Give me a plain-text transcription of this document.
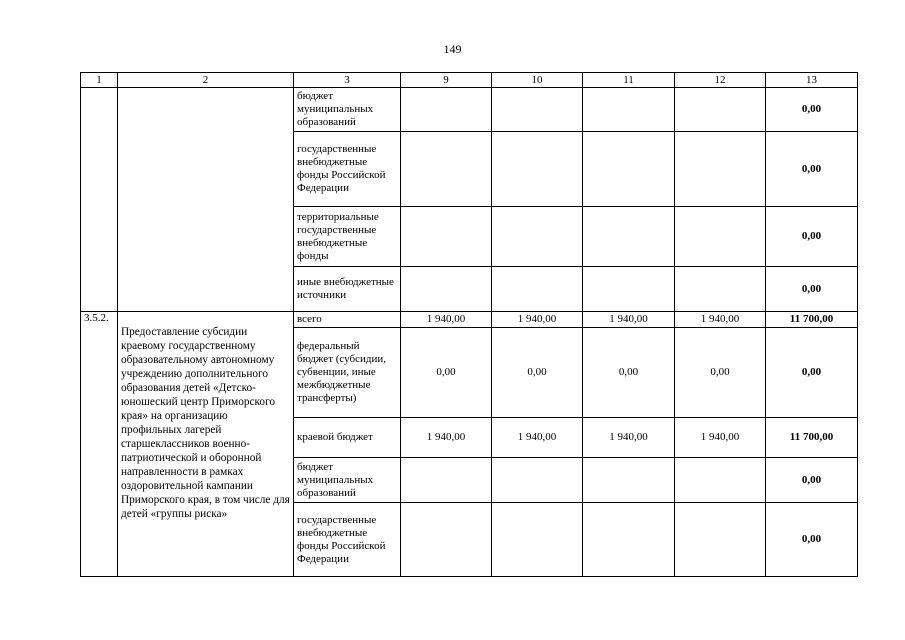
149
1	2	3	9	10	11	12	13
		бюджет муниципальных образований					0,00
		государственные внебюджетные фонды Российской Федерации					0,00
		территориальные государственные внебюджетные фонды					0,00
		иные внебюджетные источники					0,00
3.5.2.	Предоставление субсидии краевому государственному образовательному автономному учреждению дополнительного образования детей «Детско-юношеский центр Приморского края» на организацию профильных лагерей старшеклассников военно-патриотической и оборонной направленности в рамках оздоровительной кампании Приморского края, в том числе для детей «группы риска»	всего	1 940,00	1 940,00	1 940,00	1 940,00	11 700,00
		федеральный бюджет (субсидии, субвенции, иные межбюджетные трансферты)	0,00	0,00	0,00	0,00	0,00
		краевой бюджет	1 940,00	1 940,00	1 940,00	1 940,00	11 700,00
		бюджет муниципальных образований					0,00
		государственные внебюджетные фонды Российской Федерации					0,00
